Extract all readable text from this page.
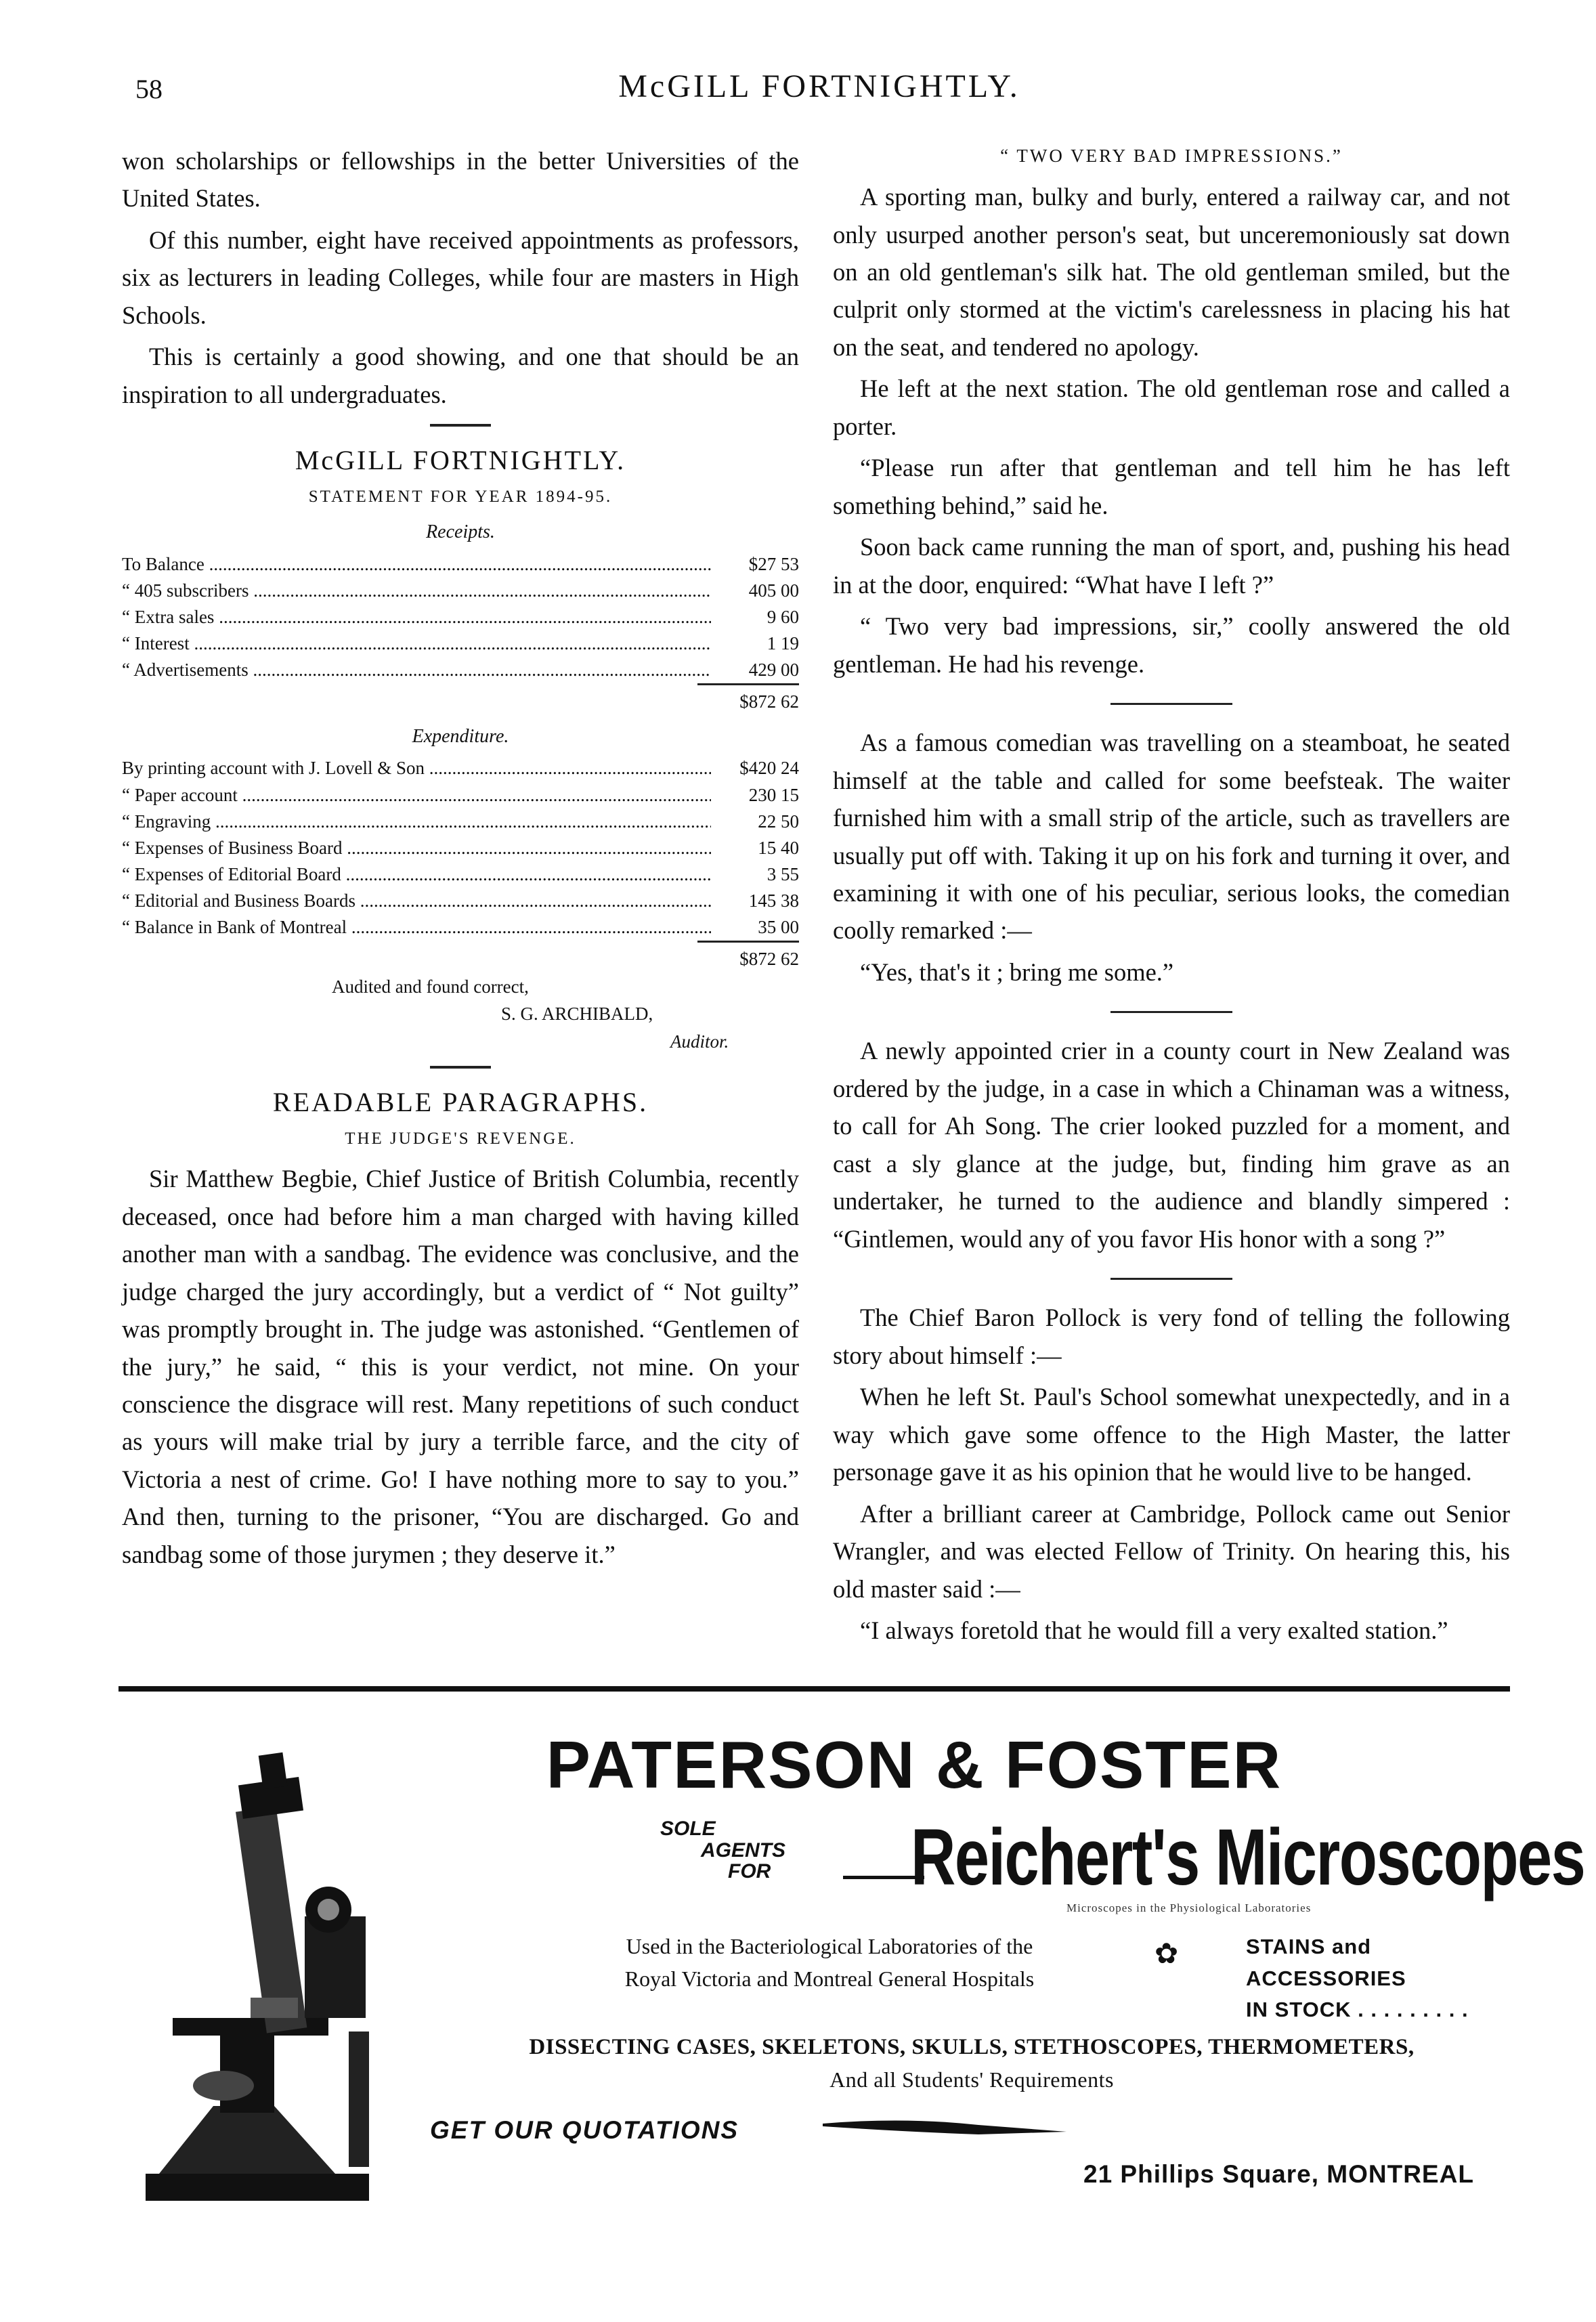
58	McGILL FORTNIGHTLY.

won scholarships or fellowships in the better Universities of the United States.

Of this number, eight have received appointments as professors, six as lecturers in leading Colleges, while four are masters in High Schools.

This is certainly a good showing, and one that should be an inspiration to all undergraduates.

McGILL FORTNIGHTLY.
STATEMENT FOR YEAR 1894-95.
Receipts.
To Balance .....	$27 53
“ 405 subscribers .....	405 00
“ Extra sales .....	9 60
“ Interest .....	1 19
“ Advertisements .....	429 00
$872 62
Expenditure.
By printing account with J. Lovell & Son .....	$420 24
“ Paper account .....	230 15
“ Engraving .....	22 50
“ Expenses of Business Board .....	15 40
“ Expenses of Editorial Board .....	3 55
“ Editorial and Business Boards .....	145 38
“ Balance in Bank of Montreal .....	35 00
$872 62
Audited and found correct,
S. G. ARCHIBALD,
Auditor.
READABLE PARAGRAPHS.
THE JUDGE'S REVENGE.

Sir Matthew Begbie, Chief Justice of British Columbia, recently deceased, once had before him a man charged with having killed another man with a sandbag. The evidence was conclusive, and the judge charged the jury accordingly, but a verdict of “ Not guilty” was promptly brought in. The judge was astonished. “Gentlemen of the jury,” he said, “ this is your verdict, not mine. On your conscience the disgrace will rest. Many repetitions of such conduct as yours will make trial by jury a terrible farce, and the city of Victoria a nest of crime. Go! I have nothing more to say to you.” And then, turning to the prisoner, “You are discharged. Go and sandbag some of those jurymen ; they deserve it.”

“ TWO VERY BAD IMPRESSIONS.”

A sporting man, bulky and burly, entered a railway car, and not only usurped another person's seat, but unceremoniously sat down on an old gentleman's silk hat. The old gentleman smiled, but the culprit only stormed at the victim's carelessness in placing his hat on the seat, and tendered no apology.

He left at the next station. The old gentleman rose and called a porter.

“Please run after that gentleman and tell him he has left something behind,” said he.

Soon back came running the man of sport, and, pushing his head in at the door, enquired: “What have I left ?”

“ Two very bad impressions, sir,” coolly answered the old gentleman. He had his revenge.

As a famous comedian was travelling on a steamboat, he seated himself at the table and called for some beefsteak. The waiter furnished him with a small strip of the article, such as travellers are usually put off with. Taking it up on his fork and turning it over, and examining it with one of his peculiar, serious looks, the comedian coolly remarked :—

“Yes, that's it ; bring me some.”

A newly appointed crier in a county court in New Zealand was ordered by the judge, in a case in which a Chinaman was a witness, to call for Ah Song. The crier looked puzzled for a moment, and cast a sly glance at the judge, but, finding him grave as an undertaker, he turned to the audience and blandly simpered : “Gintlemen, would any of you favor His honor with a song ?”

The Chief Baron Pollock is very fond of telling the following story about himself :—

When he left St. Paul's School somewhat unexpectedly, and in a way which gave some offence to the High Master, the latter personage gave it as his opinion that he would live to be hanged.

After a brilliant career at Cambridge, Pollock came out Senior Wrangler, and was elected Fellow of Trinity. On hearing this, his old master said :—

“I always foretold that he would fill a very exalted station.”

PATERSON & FOSTER
SOLE
AGENTS
FOR	Reichert's Microscopes
Microscopes in the Physiological Laboratories
Used in the Bacteriological Laboratories of the
Royal Victoria and Montreal General Hospitals
✿	STAINS and ACCESSORIES
IN STOCK . . . . . . . . .
DISSECTING CASES, SKELETONS, SKULLS, STETHOSCOPES, THERMOMETERS,
And all Students' Requirements
GET OUR QUOTATIONS
21 Phillips Square, MONTREAL
